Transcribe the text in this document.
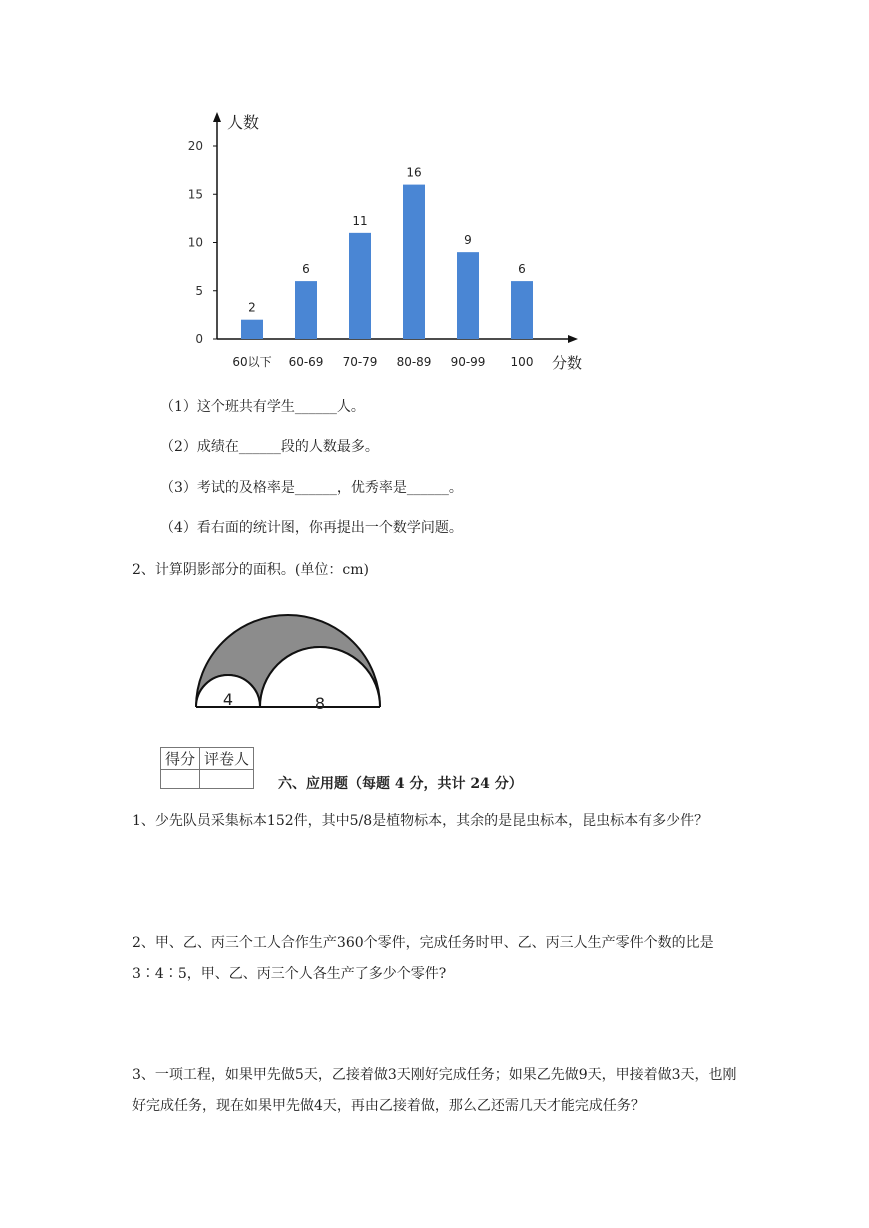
人数
分数
0
5
10
15
20
2
60以下
6
60-69
11
70-79
16
80-89
9
90-99
6
100
（1）这个班共有学生______人。
（2）成绩在______段的人数最多。
（3）考试的及格率是______，优秀率是______。
（4）看右面的统计图，你再提出一个数学问题。
2、计算阴影部分的面积。(单位：cm)
4	8
得分	评卷人

六、应用题（每题 4 分，共计 24 分）
1、少先队员采集标本152件，其中5/8是植物标本，其余的是昆虫标本，昆虫标本有多少件？
2、甲、乙、丙三个工人合作生产360个零件，完成任务时甲、乙、丙三人生产零件个数的比是3∶4∶5，甲、乙、丙三个人各生产了多少个零件?
3、一项工程，如果甲先做5天，乙接着做3天刚好完成任务；如果乙先做9天，甲接着做3天，也刚好完成任务，现在如果甲先做4天，再由乙接着做，那么乙还需几天才能完成任务？
